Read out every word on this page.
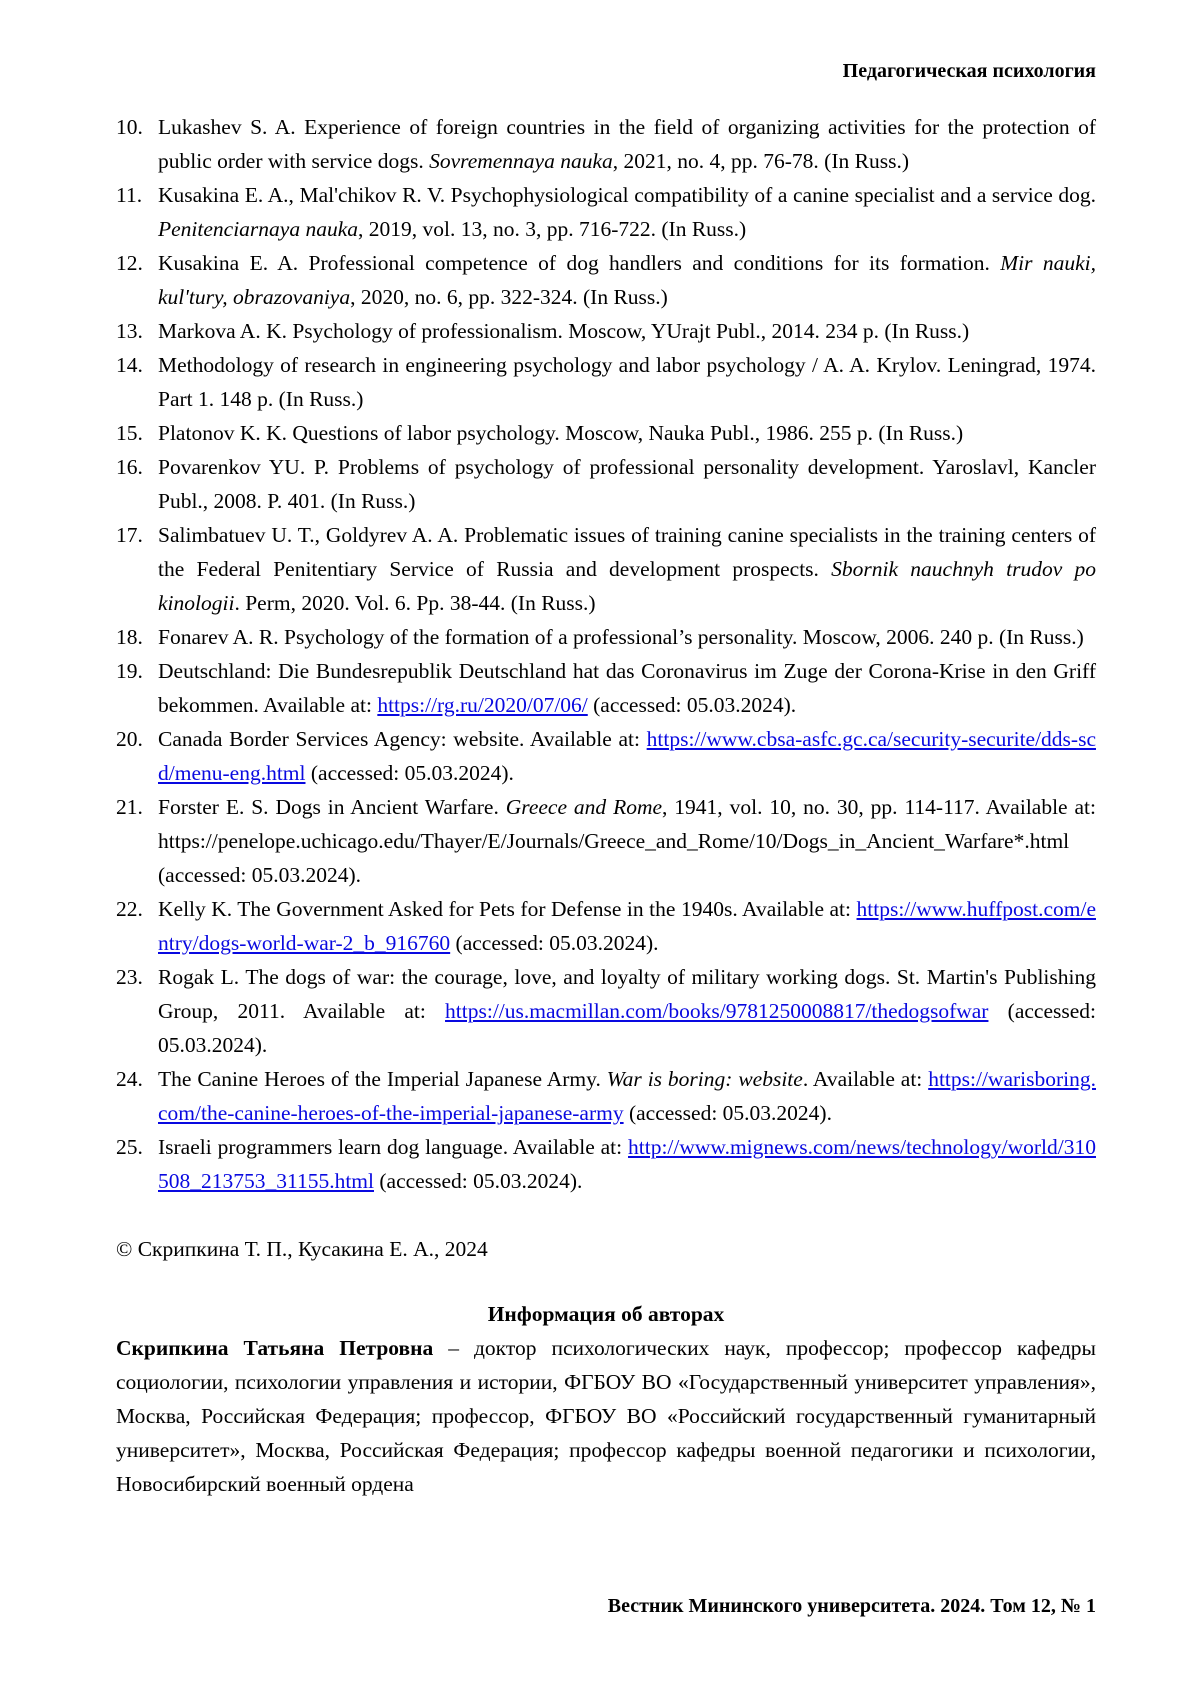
Педагогическая психология
10. Lukashev S. A. Experience of foreign countries in the field of organizing activities for the protection of public order with service dogs. Sovremennaya nauka, 2021, no. 4, pp. 76-78. (In Russ.)
11. Kusakina E. A., Mal'chikov R. V. Psychophysiological compatibility of a canine specialist and a service dog. Penitenciarnaya nauka, 2019, vol. 13, no. 3, pp. 716-722. (In Russ.)
12. Kusakina E. A. Professional competence of dog handlers and conditions for its formation. Mir nauki, kul'tury, obrazovaniya, 2020, no. 6, pp. 322-324. (In Russ.)
13. Markova A. K. Psychology of professionalism. Moscow, YUrajt Publ., 2014. 234 p. (In Russ.)
14. Methodology of research in engineering psychology and labor psychology / A. A. Krylov. Leningrad, 1974. Part 1. 148 p. (In Russ.)
15. Platonov K. K. Questions of labor psychology. Moscow, Nauka Publ., 1986. 255 p. (In Russ.)
16. Povarenkov YU. P. Problems of psychology of professional personality development. Yaroslavl, Kancler Publ., 2008. P. 401. (In Russ.)
17. Salimbatuev U. T., Goldyrev A. A. Problematic issues of training canine specialists in the training centers of the Federal Penitentiary Service of Russia and development prospects. Sbornik nauchnyh trudov po kinologii. Perm, 2020. Vol. 6. Pp. 38-44. (In Russ.)
18. Fonarev A. R. Psychology of the formation of a professional’s personality. Moscow, 2006. 240 p. (In Russ.)
19. Deutschland: Die Bundesrepublik Deutschland hat das Coronavirus im Zuge der Corona-Krise in den Griff bekommen. Available at: https://rg.ru/2020/07/06/ (accessed: 05.03.2024).
20. Canada Border Services Agency: website. Available at: https://www.cbsa-asfc.gc.ca/security-securite/dds-scd/menu-eng.html (accessed: 05.03.2024).
21. Forster E. S. Dogs in Ancient Warfare. Greece and Rome, 1941, vol. 10, no. 30, pp. 114-117. Available at: https://penelope.uchicago.edu/Thayer/E/Journals/Greece_and_Rome/10/Dogs_in_Ancient_Warfare*.html (accessed: 05.03.2024).
22. Kelly K. The Government Asked for Pets for Defense in the 1940s. Available at: https://www.huffpost.com/entry/dogs-world-war-2_b_916760 (accessed: 05.03.2024).
23. Rogak L. The dogs of war: the courage, love, and loyalty of military working dogs. St. Martin's Publishing Group, 2011. Available at: https://us.macmillan.com/books/9781250008817/thedogsofwar (accessed: 05.03.2024).
24. The Canine Heroes of the Imperial Japanese Army. War is boring: website. Available at: https://warisboring.com/the-canine-heroes-of-the-imperial-japanese-army (accessed: 05.03.2024).
25. Israeli programmers learn dog language. Available at: http://www.mignews.com/news/technology/world/310508_213753_31155.html (accessed: 05.03.2024).

© Скрипкина Т. П., Кусакина Е. А., 2024

Информация об авторах

Скрипкина Татьяна Петровна – доктор психологических наук, профессор; профессор кафедры социологии, психологии управления и истории, ФГБОУ ВО «Государственный университет управления», Москва, Российская Федерация; профессор, ФГБОУ ВО «Российский государственный гуманитарный университет», Москва, Российская Федерация; профессор кафедры военной педагогики и психологии, Новосибирский военный ордена

Вестник Мининского университета. 2024. Том 12, № 1
